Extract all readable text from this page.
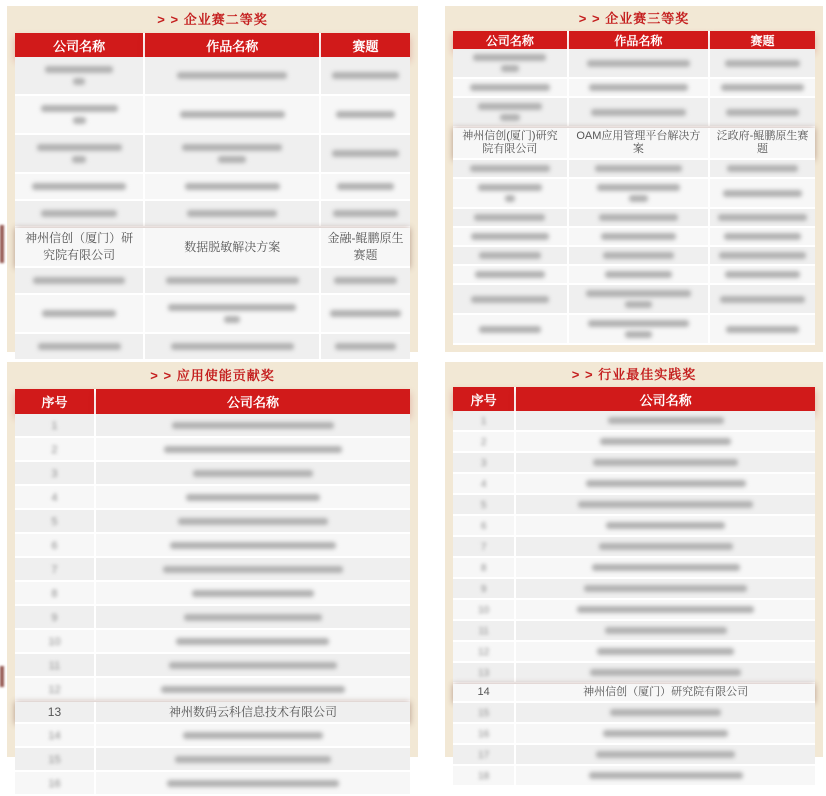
> > 企业赛二等奖
公司名称	作品名称	赛题

神州信创（厦门）研究院有限公司	数据脱敏解决方案	金融-鲲鹏原生赛题

> > 企业赛三等奖
公司名称	作品名称	赛题

神州信创(厦门)研究院有限公司	OAM应用管理平台解决方案	泛政府-鲲鹏原生赛题

> > 应用使能贡献奖
序号	公司名称
1	

2	

3	

4	

5	

6	

7	

8	

9	

10	

11	

12	

13	神州数码云科信息技术有限公司
14	

15	

16	
> > 行业最佳实践奖
序号	公司名称
1	

2	

3	

4	

5	

6	

7	

8	

9	

10	

11	

12	

13	

14	神州信创（厦门）研究院有限公司
15	

16	

17	

18	
